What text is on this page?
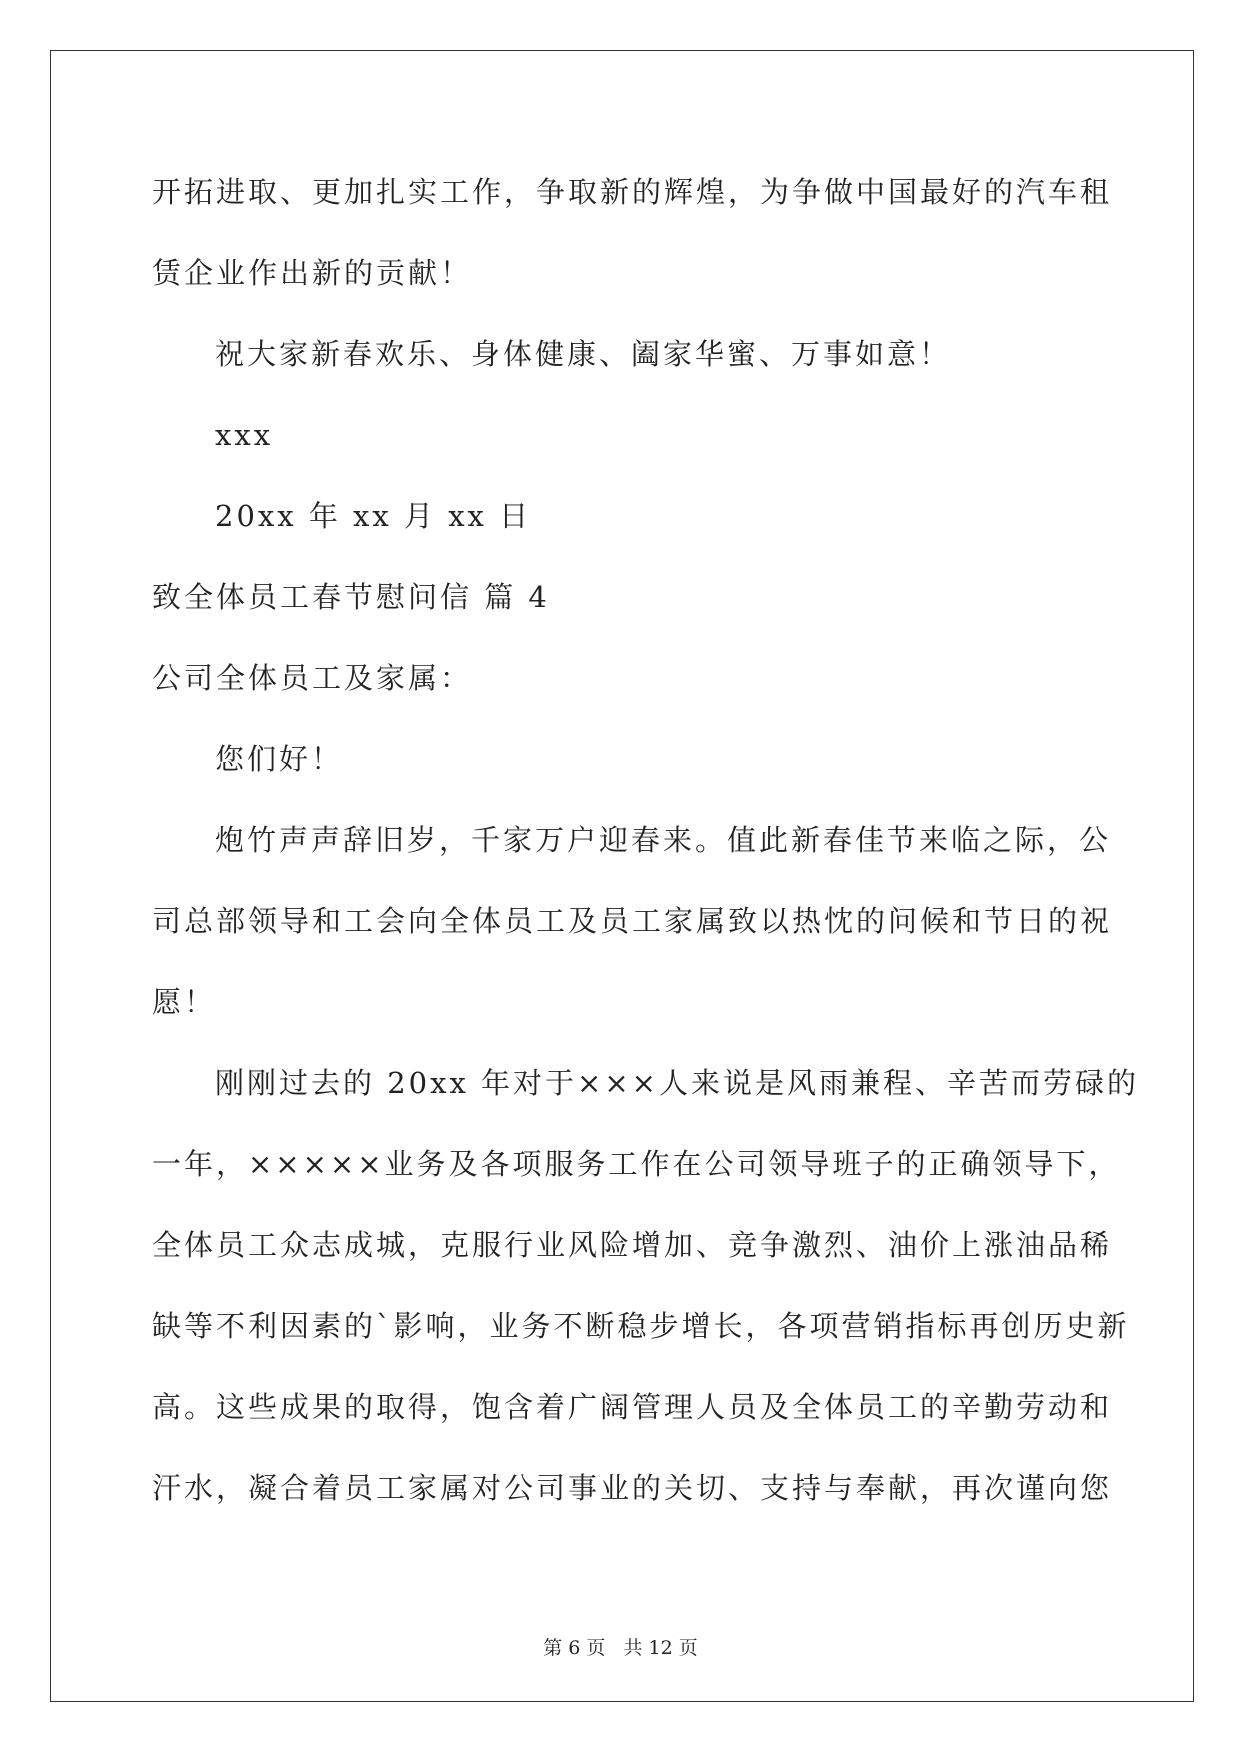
开拓进取、更加扎实工作，争取新的辉煌，为争做中国最好的汽车租
赁企业作出新的贡献！
祝大家新春欢乐、身体健康、阖家华蜜、万事如意！
xxx
20xx 年 xx 月 xx 日
致全体员工春节慰问信 篇 4
公司全体员工及家属：
您们好！
炮竹声声辞旧岁，千家万户迎春来。值此新春佳节来临之际，公
司总部领导和工会向全体员工及员工家属致以热忱的问候和节日的祝
愿！
刚刚过去的 20xx 年对于×××人来说是风雨兼程、辛苦而劳碌的
一年，×××××业务及各项服务工作在公司领导班子的正确领导下，
全体员工众志成城，克服行业风险增加、竞争激烈、油价上涨油品稀
缺等不利因素的`影响，业务不断稳步增长，各项营销指标再创历史新
高。这些成果的取得，饱含着广阔管理人员及全体员工的辛勤劳动和
汗水，凝合着员工家属对公司事业的关切、支持与奉献，再次谨向您
第 6 页 共 12 页
